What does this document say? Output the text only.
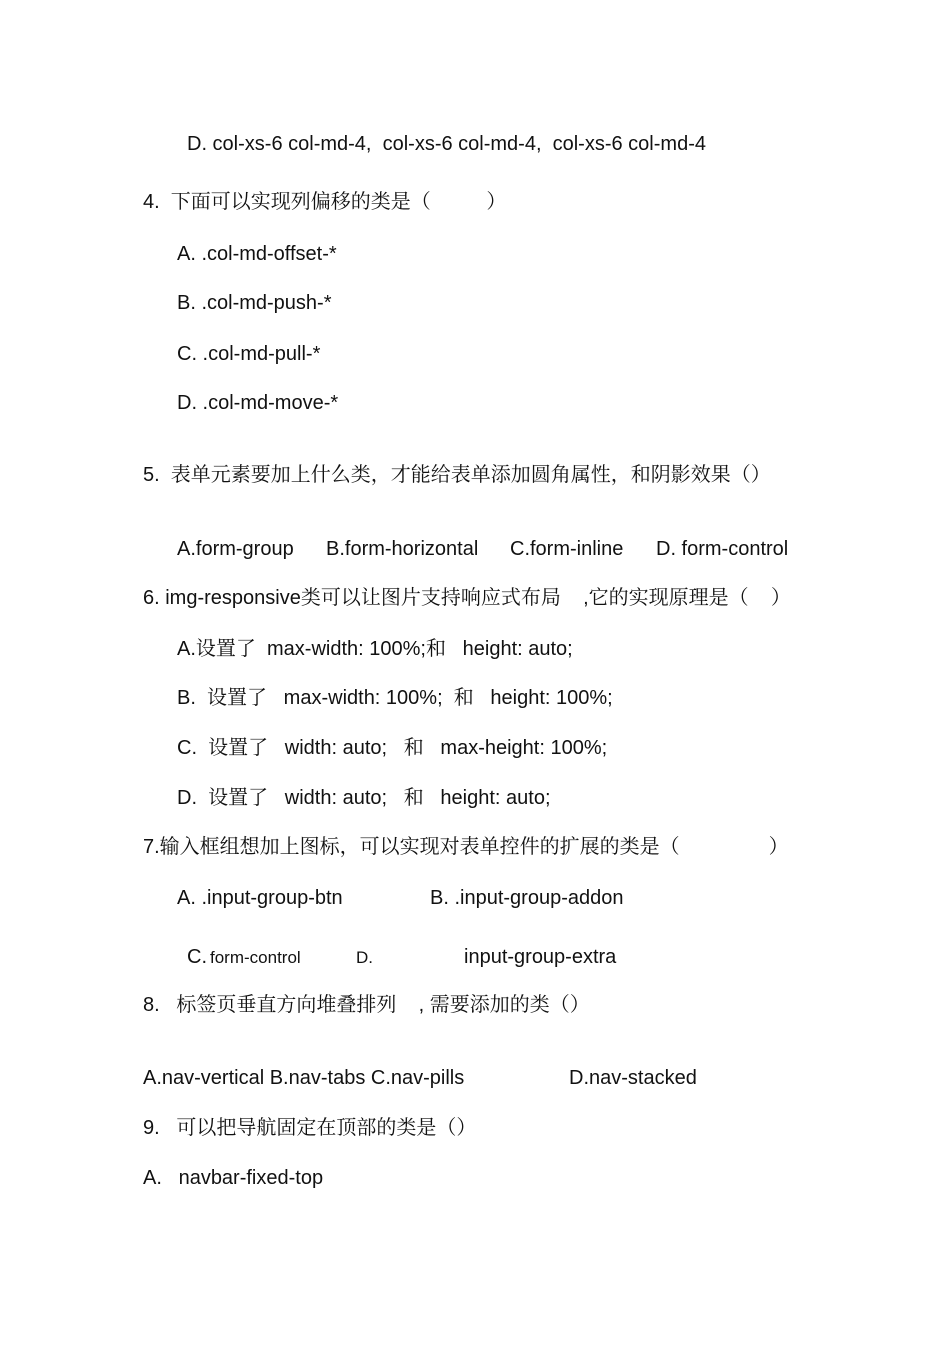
D. col-xs-6 col-md-4,  col-xs-6 col-md-4,  col-xs-6 col-md-4
4.  下面可以实现列偏移的类是（          ）
A. .col-md-offset-*
B. .col-md-push-*
C. .col-md-pull-*
D. .col-md-move-*
5.  表单元素要加上什么类，才能给表单添加圆角属性，和阴影效果（）
A.form-group B.form-horizontal C.form-inline D. form-control
6. img-responsive类可以让图片支持响应式布局    ,它的实现原理是（    ）
A.设置了  max-width: 100%;和   height: auto;
B.  设置了   max-width: 100%;  和   height: 100%;
C.  设置了   width: auto;   和   max-height: 100%;
D.  设置了   width: auto;   和   height: auto;
7.输入框组想加上图标，可以实现对表单控件的扩展的类是（                ）
A. .input-group-btn	B. .input-group-addon
C. form-control	D.	input-group-extra
8.   标签页垂直方向堆叠排列    , 需要添加的类（）
A.nav-vertical B.nav-tabs C.nav-pills	D.nav-stacked
9.   可以把导航固定在顶部的类是（）
A.   navbar-fixed-top
